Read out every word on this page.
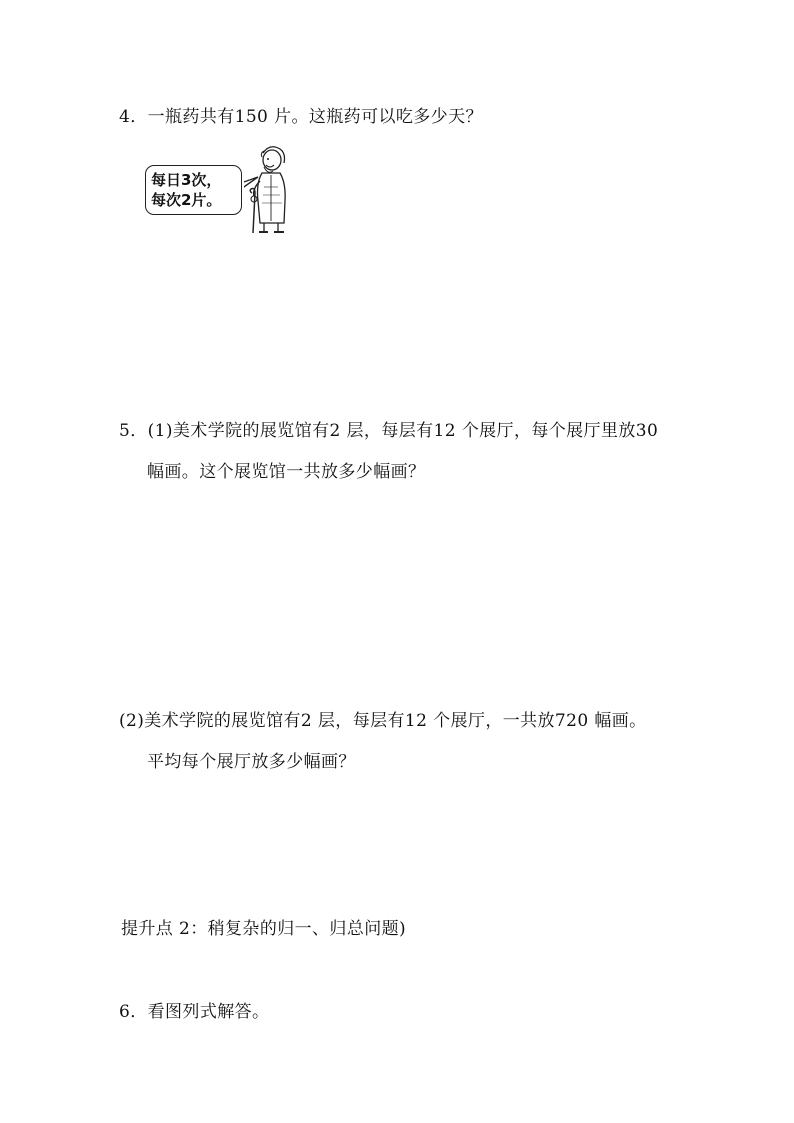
4．一瓶药共有150 片。这瓶药可以吃多少天？
每日3次，
每次2片。
5．(1)美术学院的展览馆有2 层，每层有12 个展厅，每个展厅里放30
幅画。这个展览馆一共放多少幅画？
(2)美术学院的展览馆有2 层，每层有12 个展厅，一共放720 幅画。
平均每个展厅放多少幅画？
提升点 2：稍复杂的归一、归总问题)
6．看图列式解答。
